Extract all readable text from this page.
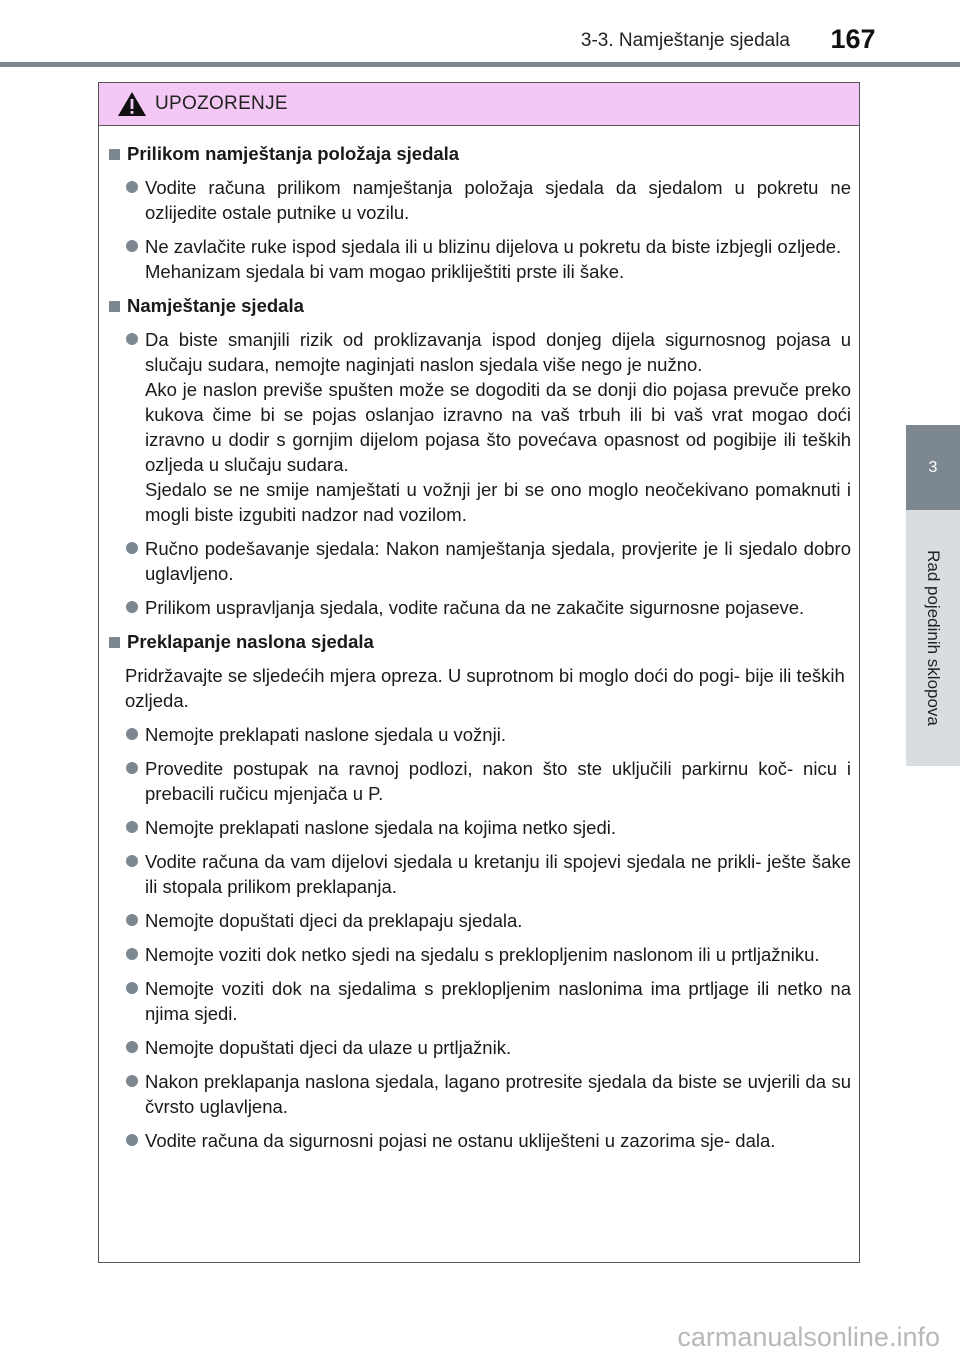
3-3. Namještanje sjedala	167
3
Rad pojedinih sklopova
UPOZORENJE
Prilikom namještanja položaja sjedala

Vodite računa prilikom namještanja položaja sjedala da sjedalom u pokretu ne ozlijedite ostale putnike u vozilu.

Ne zavlačite ruke ispod sjedala ili u blizinu dijelova u pokretu da biste izbjegli ozljede.

Mehanizam sjedala bi vam mogao prikliještiti prste ili šake.

Namještanje sjedala

Da biste smanjili rizik od proklizavanja ispod donjeg dijela sigurnosnog pojasa u slučaju sudara, nemojte naginjati naslon sjedala više nego je nužno.

Ako je naslon previše spušten može se dogoditi da se donji dio pojasa prevuče preko kukova čime bi se pojas oslanjao izravno na vaš trbuh ili bi vaš vrat mogao doći izravno u dodir s gornjim dijelom pojasa što povećava opasnost od pogibije ili teških ozljeda u slučaju sudara.

Sjedalo se ne smije namještati u vožnji jer bi se ono moglo neočekivano pomaknuti i mogli biste izgubiti nadzor nad vozilom.

Ručno podešavanje sjedala: Nakon namještanja sjedala, provjerite je li sjedalo dobro uglavljeno.

Prilikom uspravljanja sjedala, vodite računa da ne zakačite sigurnosne pojaseve.

Preklapanje naslona sjedala
Pridržavajte se sljedećih mjera opreza. U suprotnom bi moglo doći do pogi- bije ili teških ozljeda.

Nemojte preklapati naslone sjedala u vožnji.

Provedite postupak na ravnoj podlozi, nakon što ste uključili parkirnu koč- nicu i prebacili ručicu mjenjača u P.

Nemojte preklapati naslone sjedala na kojima netko sjedi.

Vodite računa da vam dijelovi sjedala u kretanju ili spojevi sjedala ne prikli- ješte šake ili stopala prilikom preklapanja.

Nemojte dopuštati djeci da preklapaju sjedala.

Nemojte voziti dok netko sjedi na sjedalu s preklopljenim naslonom ili u prtljažniku.

Nemojte voziti dok na sjedalima s preklopljenim naslonima ima prtljage ili netko na njima sjedi.

Nemojte dopuštati djeci da ulaze u prtljažnik.

Nakon preklapanja naslona sjedala, lagano protresite sjedala da biste se uvjerili da su čvrsto uglavljena.

Vodite računa da sigurnosni pojasi ne ostanu ukliješteni u zazorima sje- dala.

carmanualsonline.info
